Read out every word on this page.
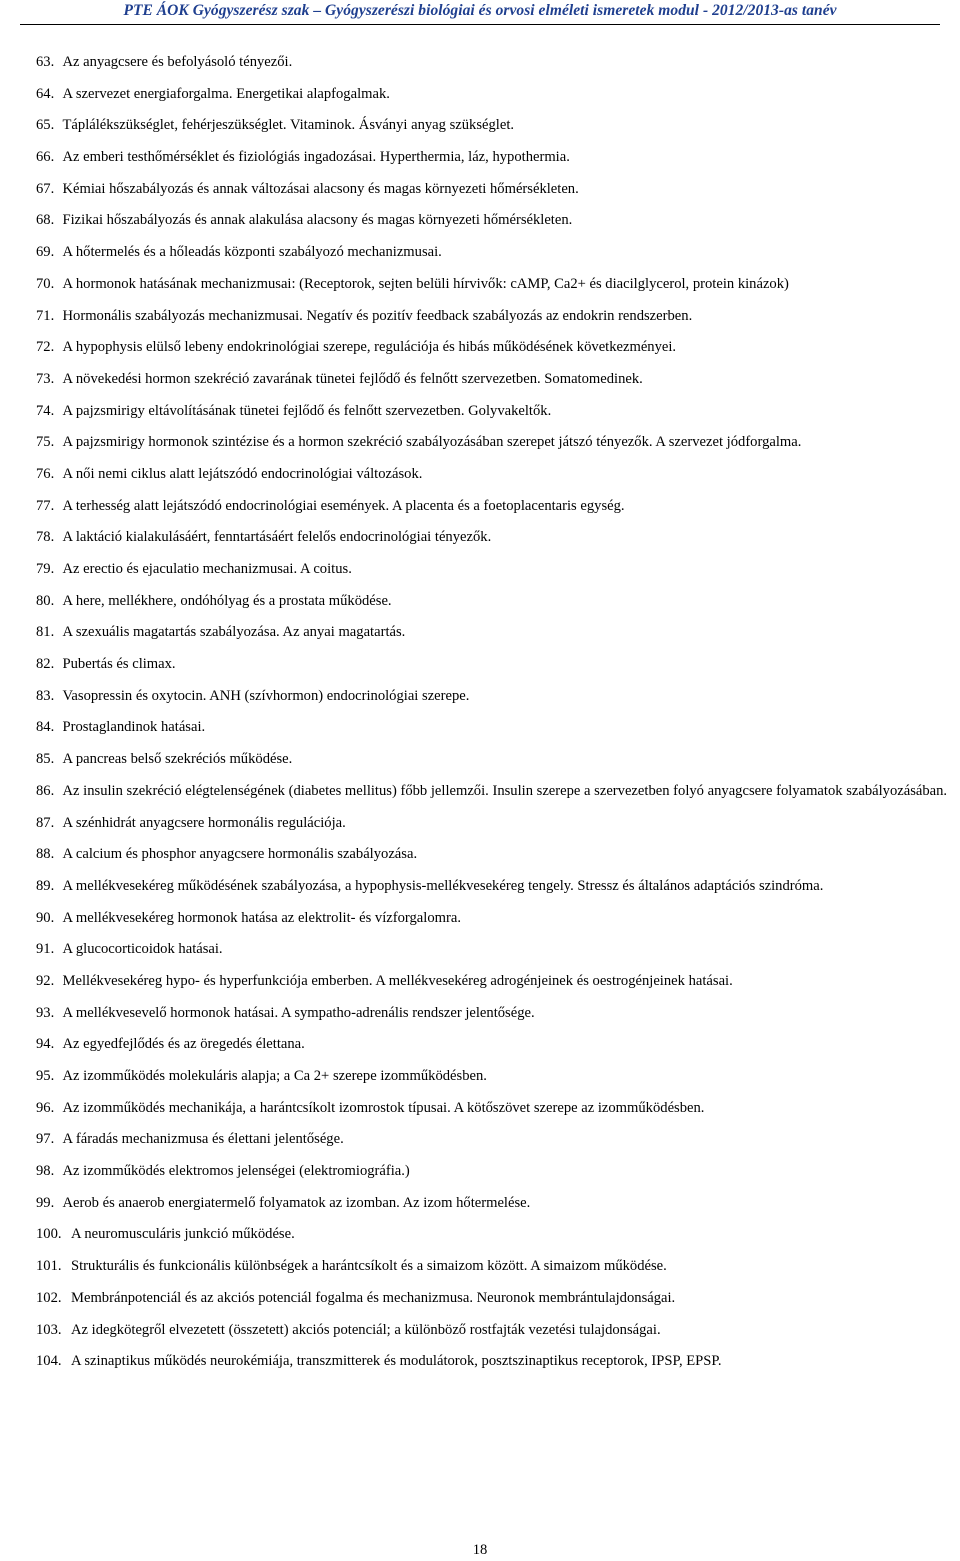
PTE ÁOK Gyógyszerész szak – Gyógyszerészi biológiai és orvosi elméleti ismeretek modul - 2012/2013-as tanév
63. Az anyagcsere és befolyásoló tényezői.
64. A szervezet energiaforgalma. Energetikai alapfogalmak.
65. Táplálékszükséglet, fehérjeszükséglet. Vitaminok. Ásványi anyag szükséglet.
66. Az emberi testhőmérséklet és fiziológiás ingadozásai. Hyperthermia, láz, hypothermia.
67. Kémiai hőszabályozás és annak változásai alacsony és magas környezeti hőmérsékleten.
68. Fizikai hőszabályozás és annak alakulása alacsony és magas környezeti hőmérsékleten.
69. A hőtermelés és a hőleadás központi szabályozó mechanizmusai.
70. A hormonok hatásának mechanizmusai: (Receptorok, sejten belüli hírvivők: cAMP, Ca2+ és diacilglycerol, protein kinázok)
71. Hormonális szabályozás mechanizmusai. Negatív és pozitív feedback szabályozás az endokrin rendszerben.
72. A hypophysis elülső lebeny endokrinológiai szerepe, regulációja és hibás működésének következményei.
73. A növekedési hormon szekréció zavarának tünetei fejlődő és felnőtt szervezetben. Somatomedinek.
74. A pajzsmirigy eltávolításának tünetei fejlődő és felnőtt szervezetben. Golyvakeltők.
75. A pajzsmirigy hormonok szintézise és a hormon szekréció szabályozásában szerepet játszó tényezők. A szervezet jódforgalma.
76. A női nemi ciklus alatt lejátszódó endocrinológiai változások.
77. A terhesség alatt lejátszódó endocrinológiai események. A placenta és a foetoplacentaris egység.
78. A laktáció kialakulásáért, fenntartásáért felelős endocrinológiai tényezők.
79. Az erectio és ejaculatio mechanizmusai. A coitus.
80. A here, mellékhere, ondóhólyag és a prostata működése.
81. A szexuális magatartás szabályozása. Az anyai magatartás.
82. Pubertás és climax.
83. Vasopressin és oxytocin. ANH (szívhormon) endocrinológiai szerepe.
84. Prostaglandinok hatásai.
85. A pancreas belső szekréciós működése.
86. Az insulin szekréció elégtelenségének (diabetes mellitus) főbb jellemzői. Insulin szerepe a szervezetben folyó anyagcsere folyamatok szabályozásában.
87. A szénhidrát anyagcsere hormonális regulációja.
88. A calcium és phosphor anyagcsere hormonális szabályozása.
89. A mellékvesekéreg működésének szabályozása, a hypophysis-mellékvesekéreg tengely. Stressz és általános adaptációs szindróma.
90. A mellékvesekéreg hormonok hatása az elektrolit- és vízforgalomra.
91. A glucocorticoidok hatásai.
92. Mellékvesekéreg hypo- és hyperfunkciója emberben. A mellékvesekéreg adrogénjeinek és oestrogénjeinek hatásai.
93. A mellékvesevelő hormonok hatásai. A sympatho-adrenális rendszer jelentősége.
94. Az egyedfejlődés és az öregedés élettana.
95. Az izomműködés molekuláris alapja; a Ca 2+ szerepe izomműködésben.
96. Az izomműködés mechanikája, a harántcsíkolt izomrostok típusai. A kötőszövet szerepe az izomműködésben.
97. A fáradás mechanizmusa és élettani jelentősége.
98. Az izomműködés elektromos jelenségei (elektromiográfia.)
99. Aerob és anaerob energiatermelő folyamatok az izomban. Az izom hőtermelése.
100. A neuromusculáris junkció működése.
101. Strukturális és funkcionális különbségek a harántcsíkolt és a simaizom között. A simaizom működése.
102. Membránpotenciál és az akciós potenciál fogalma és mechanizmusa. Neuronok membrántulajdonságai.
103. Az idegkötegről elvezetett (összetett) akciós potenciál; a különböző rostfajták vezetési tulajdonságai.
104. A szinaptikus működés neurokémiája, transzmitterek és modulátorok, posztszinaptikus receptorok, IPSP, EPSP.
18
